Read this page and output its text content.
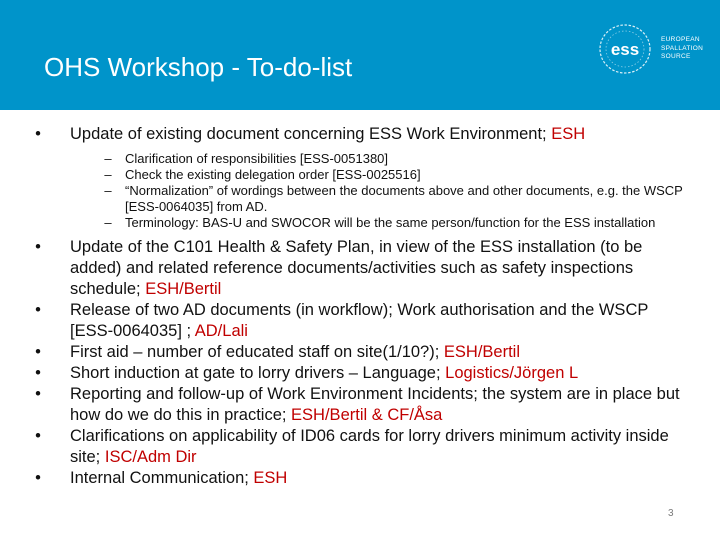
OHS Workshop - To-do-list
ess
EUROPEAN
SPALLATION
SOURCE
•	Update of existing document concerning ESS Work Environment; ESH
–	Clarification of responsibilities [ESS-0051380]
–	Check the existing delegation order [ESS-0025516]
–	“Normalization” of wordings between the documents above and other documents, e.g. the WSCP [ESS-0064035] from AD.
–	Terminology: BAS-U and SWOCOR will be the same person/function for the ESS installation
•	Update of the C101 Health & Safety Plan, in view of the ESS installation (to be added) and related reference documents/activities such as safety inspections schedule; ESH/Bertil
•	Release of two AD documents (in workflow); Work authorisation and the WSCP [ESS-0064035] ; AD/Lali
•	First aid – number of educated staff on site(1/10?); ESH/Bertil
•	Short induction at gate to lorry drivers – Language; Logistics/Jörgen L
•	Reporting and follow-up of Work Environment Incidents; the system are in place but how do we do this in practice; ESH/Bertil & CF/Åsa
•	Clarifications on applicability of ID06 cards for lorry drivers minimum activity inside site; ISC/Adm Dir
•	Internal Communication; ESH
3
